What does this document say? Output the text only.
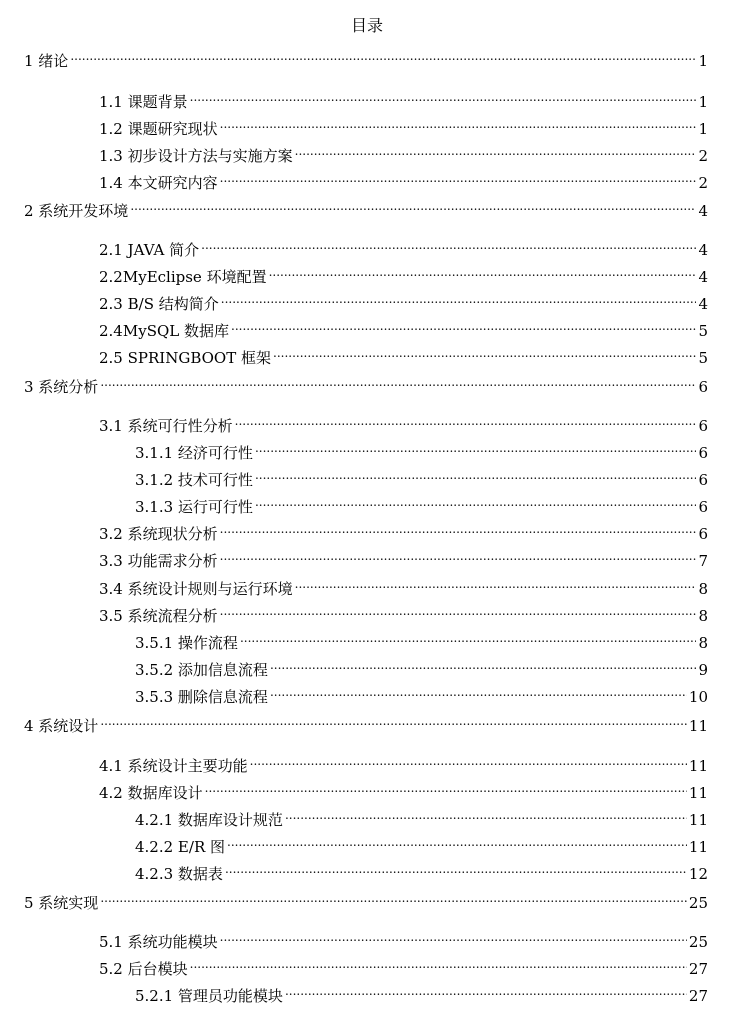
目录
1 绪论 .....	1
1.1 课题背景 .....	1
1.2 课题研究现状 .....	1
1.3 初步设计方法与实施方案 .....	2
1.4 本文研究内容 .....	2
2 系统开发环境 .....	4
2.1 JAVA 简介 .....	4
2.2MyEclipse 环境配置 .....	4
2.3 B/S 结构简介 .....	4
2.4MySQL 数据库 .....	5
2.5 SPRINGBOOT 框架 .....	5
3 系统分析 .....	6
3.1 系统可行性分析 .....	6
3.1.1 经济可行性 .....	6
3.1.2 技术可行性 .....	6
3.1.3 运行可行性 .....	6
3.2 系统现状分析 .....	6
3.3 功能需求分析 .....	7
3.4 系统设计规则与运行环境 .....	8
3.5 系统流程分析 .....	8
3.5.1 操作流程 .....	8
3.5.2 添加信息流程 .....	9
3.5.3 删除信息流程 .....	10
4 系统设计 .....	11
4.1 系统设计主要功能 .....	11
4.2 数据库设计 .....	11
4.2.1 数据库设计规范 .....	11
4.2.2 E/R 图 .....	11
4.2.3 数据表 .....	12
5 系统实现 .....	25
5.1 系统功能模块 .....	25
5.2 后台模块 .....	27
5.2.1 管理员功能模块 .....	27
